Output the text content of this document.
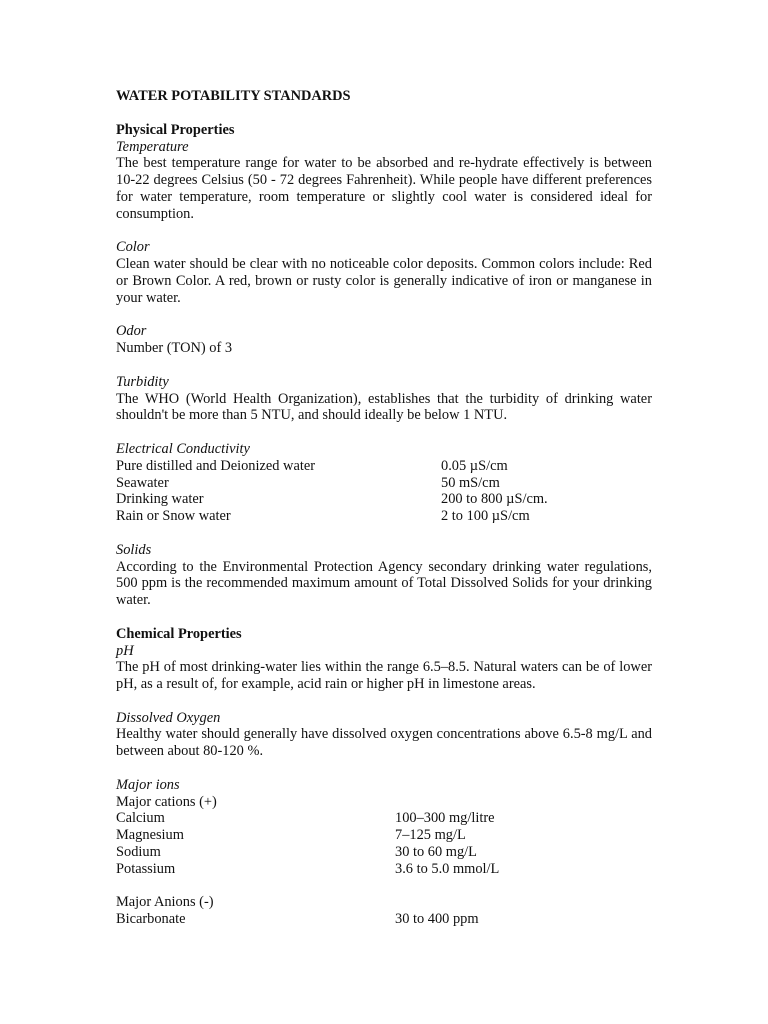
WATER POTABILITY STANDARDS
Physical Properties
Temperature
The best temperature range for water to be absorbed and re-hydrate effectively is between 10-22 degrees Celsius (50 - 72 degrees Fahrenheit). While people have different preferences for water temperature, room temperature or slightly cool water is considered ideal for consumption.
Color
Clean water should be clear with no noticeable color deposits. Common colors include: Red or Brown Color. A red, brown or rusty color is generally indicative of iron or manganese in your water.
Odor
Number (TON) of 3
Turbidity
The WHO (World Health Organization), establishes that the turbidity of drinking water shouldn't be more than 5 NTU, and should ideally be below 1 NTU.
Electrical Conductivity
Pure distilled and Deionized water	0.05 µS/cm
Seawater	50 mS/cm
Drinking water	200 to 800 µS/cm.
Rain or Snow water	2 to 100 µS/cm
Solids
According to the Environmental Protection Agency secondary drinking water regulations, 500 ppm is the recommended maximum amount of Total Dissolved Solids for your drinking water.
Chemical Properties
pH
The pH of most drinking-water lies within the range 6.5–8.5. Natural waters can be of lower pH, as a result of, for example, acid rain or higher pH in limestone areas.
Dissolved Oxygen
Healthy water should generally have dissolved oxygen concentrations above 6.5-8 mg/L and between about 80-120 %.
Major ions
Major cations (+)
Calcium	100–300 mg/litre
Magnesium	7–125 mg/L
Sodium	30 to 60 mg/L
Potassium	3.6 to 5.0 mmol/L
Major Anions (-)
Bicarbonate	30 to 400 ppm
